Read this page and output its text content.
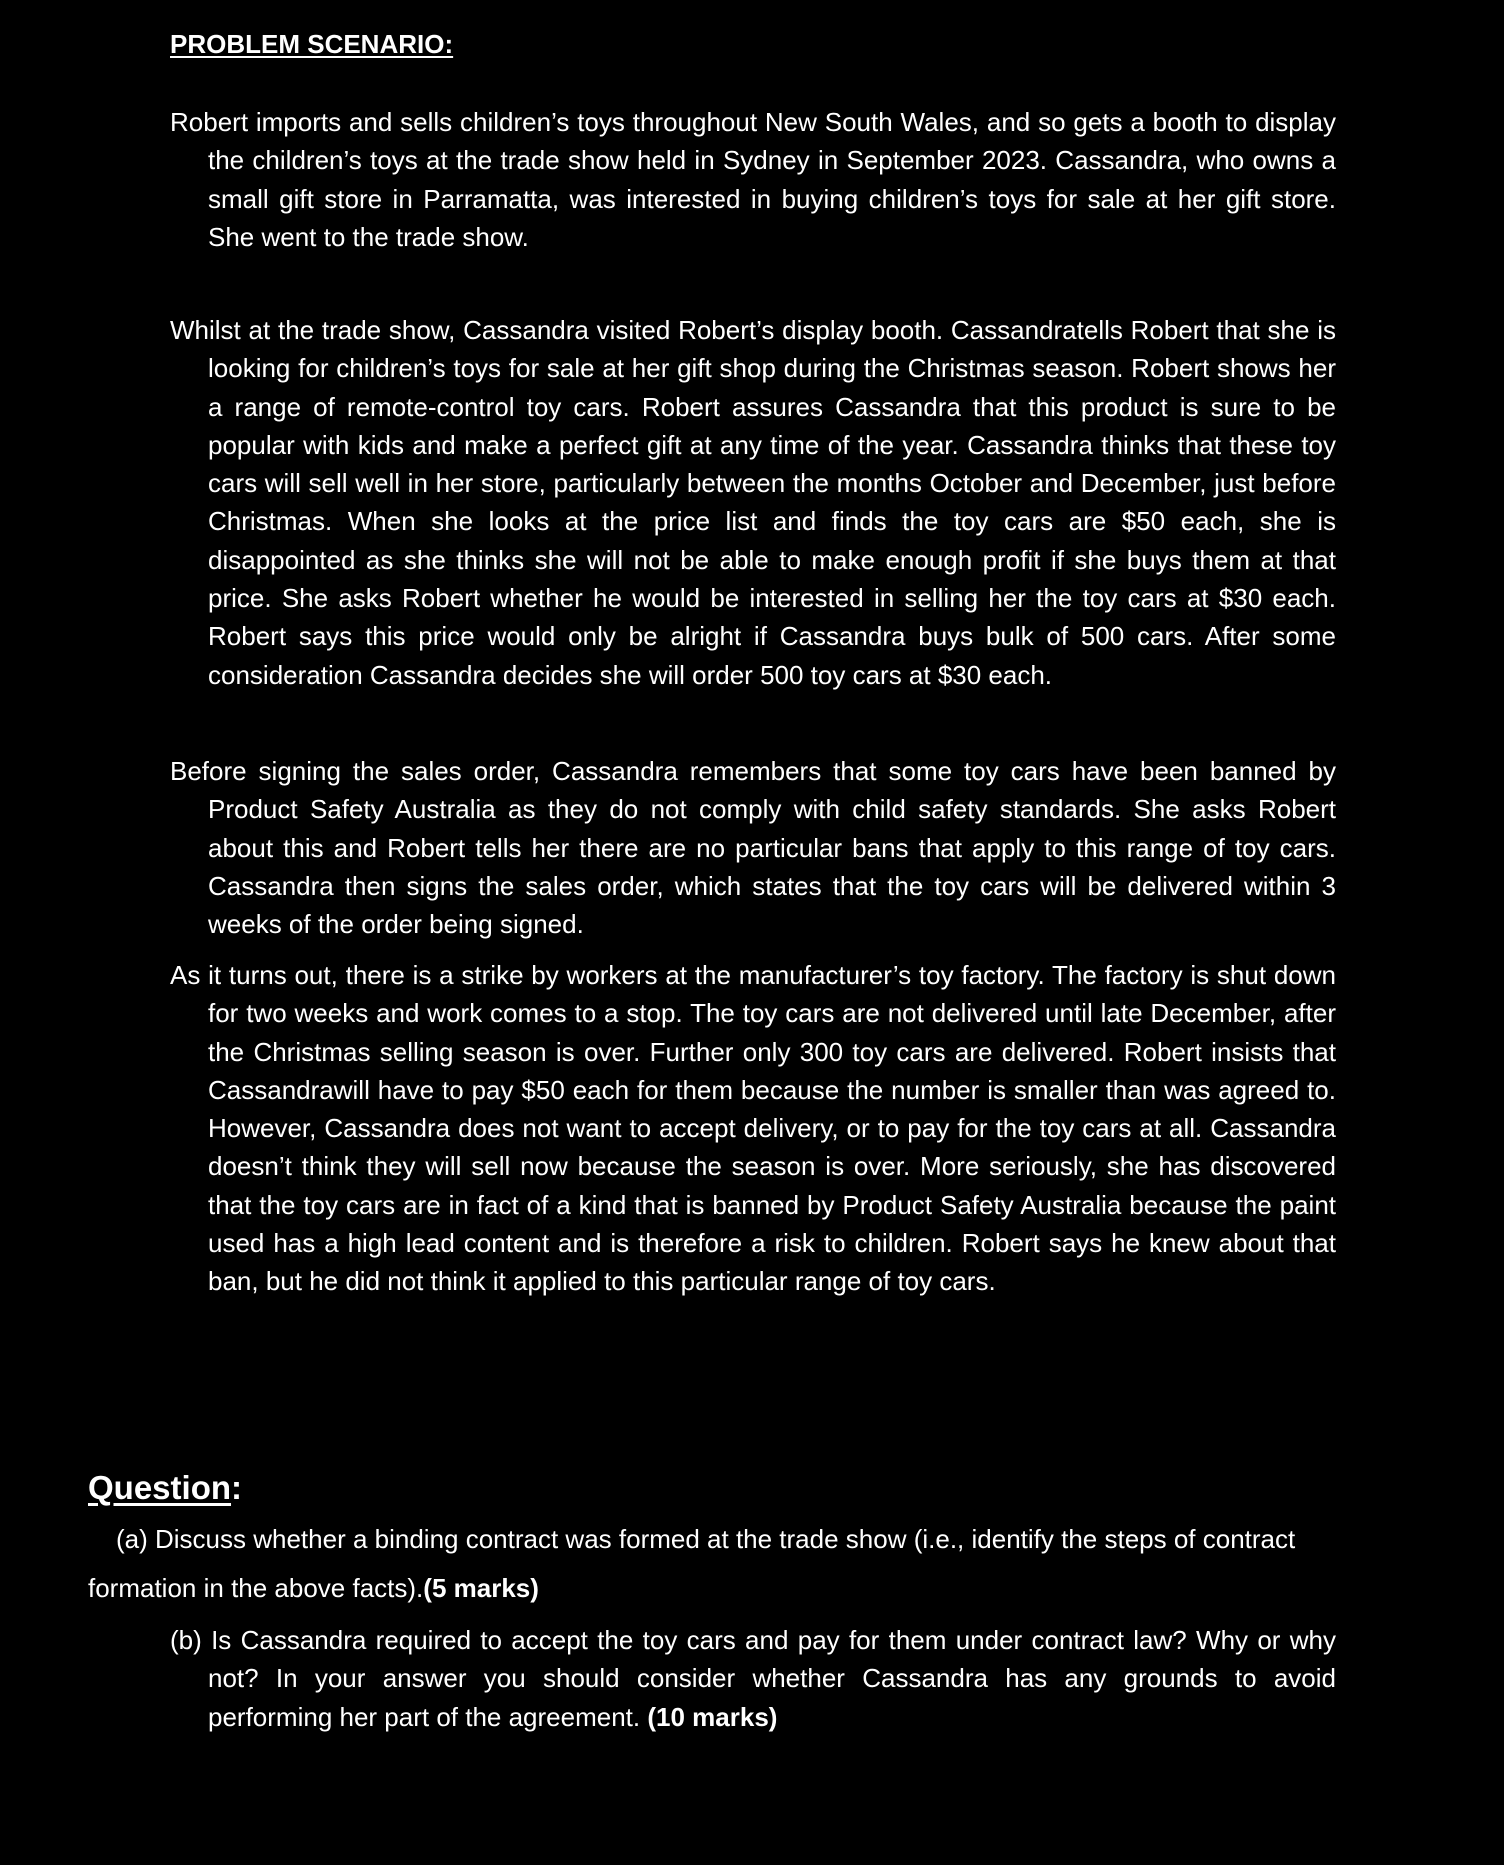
PROBLEM SCENARIO:

Robert imports and sells children’s toys throughout New South Wales, and so gets a booth to display the children’s toys at the trade show held in Sydney in September 2023. Cassandra, who owns a small gift store in Parramatta, was interested in buying children’s toys for sale at her gift store. She went to the trade show.

Whilst at the trade show, Cassandra visited Robert’s display booth. Cassandratells Robert that she is looking for children’s toys for sale at her gift shop during the Christmas season. Robert shows her a range of remote-control toy cars. Robert assures Cassandra that this product is sure to be popular with kids and make a perfect gift at any time of the year. Cassandra thinks that these toy cars will sell well in her store, particularly between the months October and December, just before Christmas. When she looks at the price list and finds the toy cars are $50 each, she is disappointed as she thinks she will not be able to make enough profit if she buys them at that price. She asks Robert whether he would be interested in selling her the toy cars at $30 each. Robert says this price would only be alright if Cassandra buys bulk of 500 cars. After some consideration Cassandra decides she will order 500 toy cars at $30 each.

Before signing the sales order, Cassandra remembers that some toy cars have been banned by Product Safety Australia as they do not comply with child safety standards. She asks Robert about this and Robert tells her there are no particular bans that apply to this range of toy cars. Cassandra then signs the sales order, which states that the toy cars will be delivered within 3 weeks of the order being signed.

As it turns out, there is a strike by workers at the manufacturer’s toy factory. The factory is shut down for two weeks and work comes to a stop. The toy cars are not delivered until late December, after the Christmas selling season is over. Further only 300 toy cars are delivered. Robert insists that Cassandrawill have to pay $50 each for them because the number is smaller than was agreed to. However, Cassandra does not want to accept delivery, or to pay for the toy cars at all. Cassandra doesn’t think they will sell now because the season is over. More seriously, she has discovered that the toy cars are in fact of a kind that is banned by Product Safety Australia because the paint used has a high lead content and is therefore a risk to children. Robert says he knew about that ban, but he did not think it applied to this particular range of toy cars.

Question:

(a) Discuss whether a binding contract was formed at the trade show (i.e., identify the steps of contract formation in the above facts).(5 marks)

(b) Is Cassandra required to accept the toy cars and pay for them under contract law? Why or why not? In your answer you should consider whether Cassandra has any grounds to avoid performing her part of the agreement. (10 marks)
